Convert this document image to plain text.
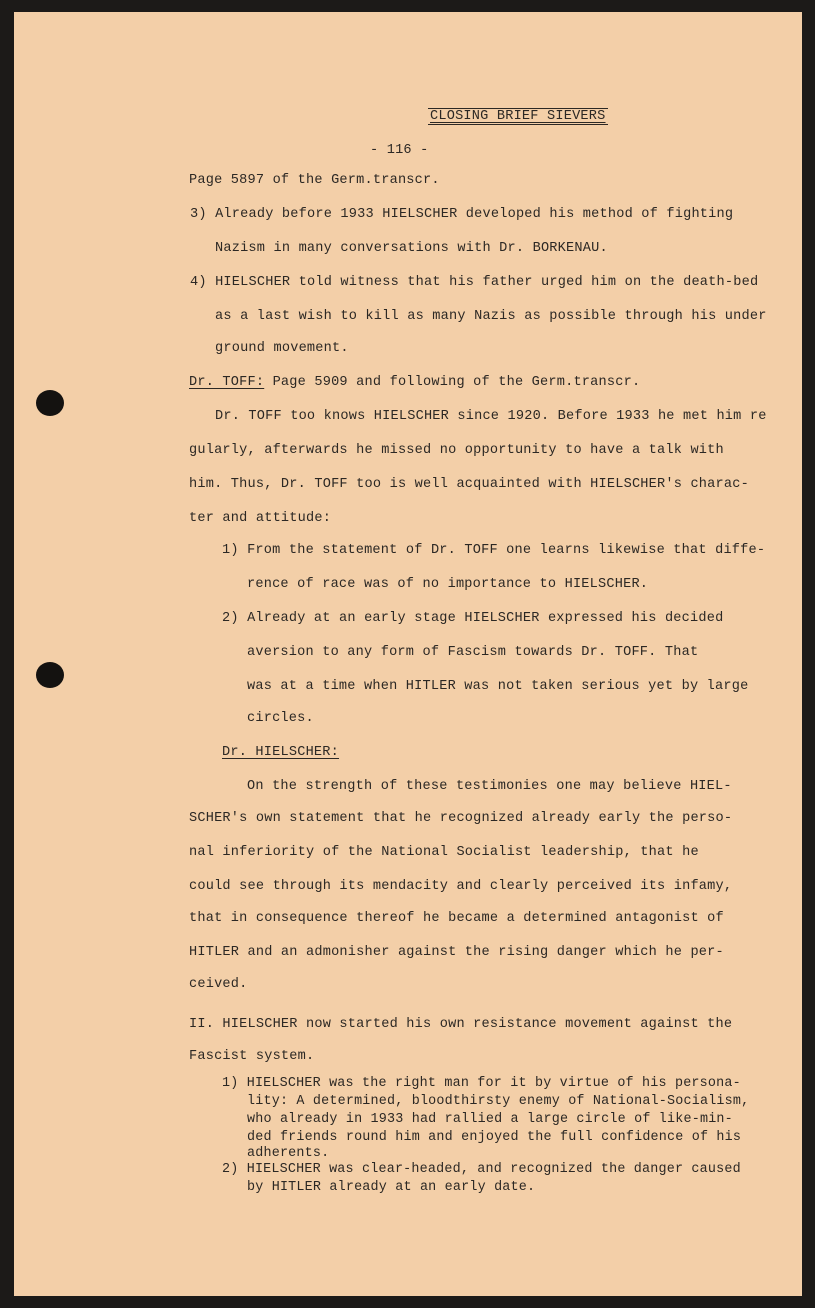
CLOSING BRIEF SIEVERS
- 116 -
Page 5897 of the Germ.transcr.
3) Already before 1933 HIELSCHER developed his method of fighting
Nazism in many conversations with Dr. BORKENAU.
4) HIELSCHER told witness that his father urged him on the death-bed
as a last wish to kill as many Nazis as possible through his under
ground movement.
Dr. TOFF: Page 5909 and following of the Germ.transcr.
Dr. TOFF too knows HIELSCHER since 1920. Before 1933 he met him re
gularly, afterwards he missed no opportunity to have a talk with
him. Thus, Dr. TOFF too is well acquainted with HIELSCHER's charac-
ter and attitude:
1) From the statement of Dr. TOFF one learns likewise that diffe-
rence of race was of no importance to HIELSCHER.
2) Already at an early stage HIELSCHER expressed his decided
aversion to any form of Fascism towards Dr. TOFF. That
was at a time when HITLER was not taken serious yet by large
circles.
Dr. HIELSCHER:
On the strength of these testimonies one may believe HIEL-
SCHER's own statement that he recognized already early the perso-
nal inferiority of the National Socialist leadership, that he
could see through its mendacity and clearly perceived its infamy,
that in consequence thereof he became a determined antagonist of
HITLER and an admonisher against the rising danger which he per-
ceived.
II. HIELSCHER now started his own resistance movement against the
Fascist system.
1) HIELSCHER was the right man for it by virtue of his persona-
lity: A determined, bloodthirsty enemy of National-Socialism,
who already in 1933 had rallied a large circle of like-min-
ded friends round him and enjoyed the full confidence of his
adherents.
2) HIELSCHER was clear-headed, and recognized the danger caused
by HITLER already at an early date.
